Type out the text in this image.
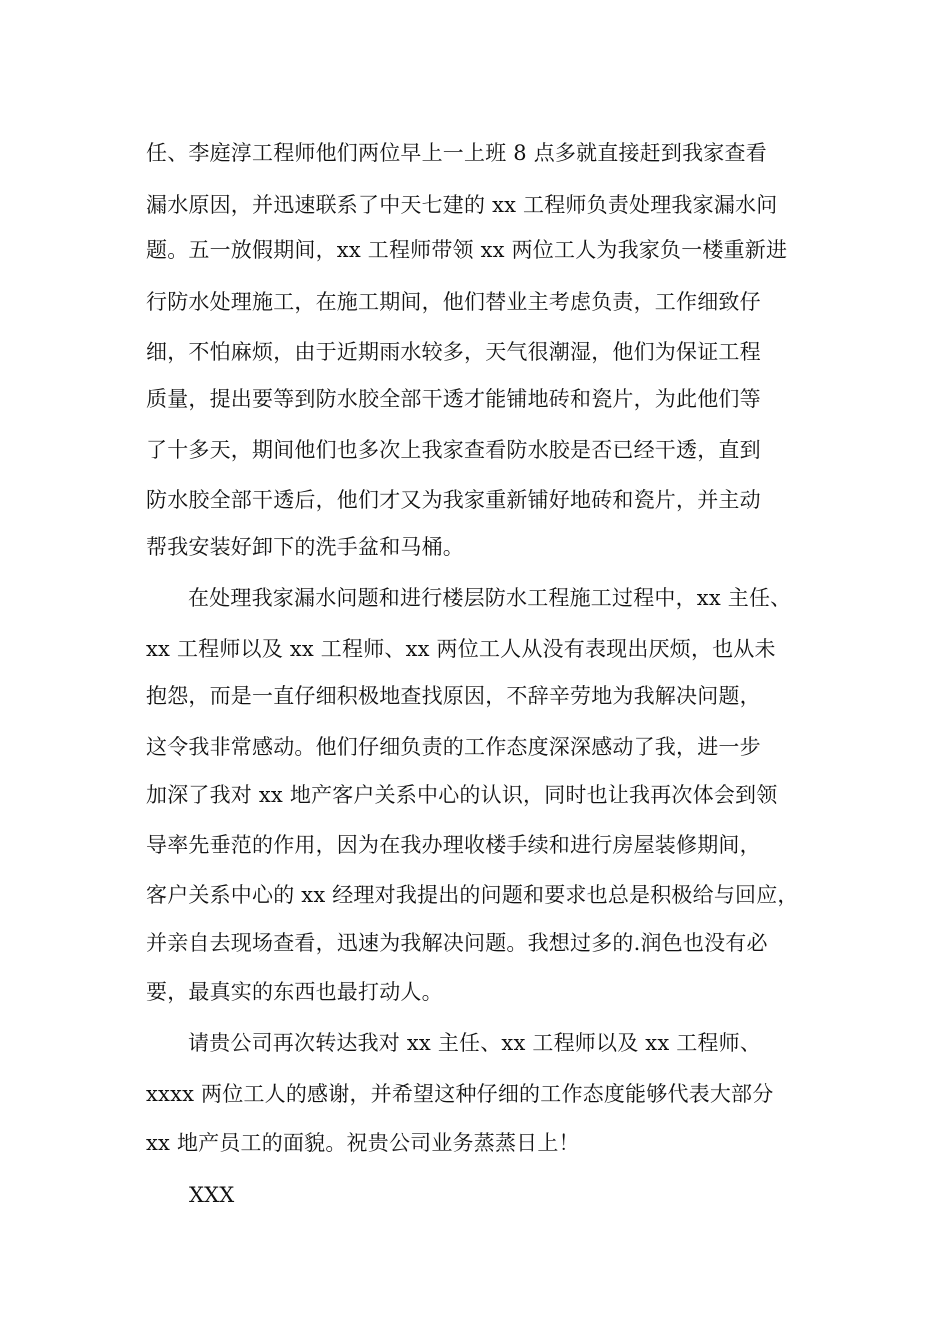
任、李庭淳工程师他们两位早上一上班 8 点多就直接赶到我家查看
漏水原因，并迅速联系了中天七建的 xx 工程师负责处理我家漏水问
题。五一放假期间，xx 工程师带领 xx 两位工人为我家负一楼重新进
行防水处理施工，在施工期间，他们替业主考虑负责，工作细致仔
细，不怕麻烦，由于近期雨水较多，天气很潮湿，他们为保证工程
质量，提出要等到防水胶全部干透才能铺地砖和瓷片，为此他们等
了十多天，期间他们也多次上我家查看防水胶是否已经干透，直到
防水胶全部干透后，他们才又为我家重新铺好地砖和瓷片，并主动
帮我安装好卸下的洗手盆和马桶。
在处理我家漏水问题和进行楼层防水工程施工过程中，xx 主任、
xx 工程师以及 xx 工程师、xx 两位工人从没有表现出厌烦，也从未
抱怨，而是一直仔细积极地查找原因，不辞辛劳地为我解决问题，
这令我非常感动。他们仔细负责的工作态度深深感动了我，进一步
加深了我对 xx 地产客户关系中心的认识，同时也让我再次体会到领
导率先垂范的作用，因为在我办理收楼手续和进行房屋装修期间，
客户关系中心的 xx 经理对我提出的问题和要求也总是积极给与回应，
并亲自去现场查看，迅速为我解决问题。我想过多的.润色也没有必
要，最真实的东西也最打动人。
请贵公司再次转达我对 xx 主任、xx 工程师以及 xx 工程师、
xxxx 两位工人的感谢，并希望这种仔细的工作态度能够代表大部分
xx 地产员工的面貌。祝贵公司业务蒸蒸日上！
XXX
